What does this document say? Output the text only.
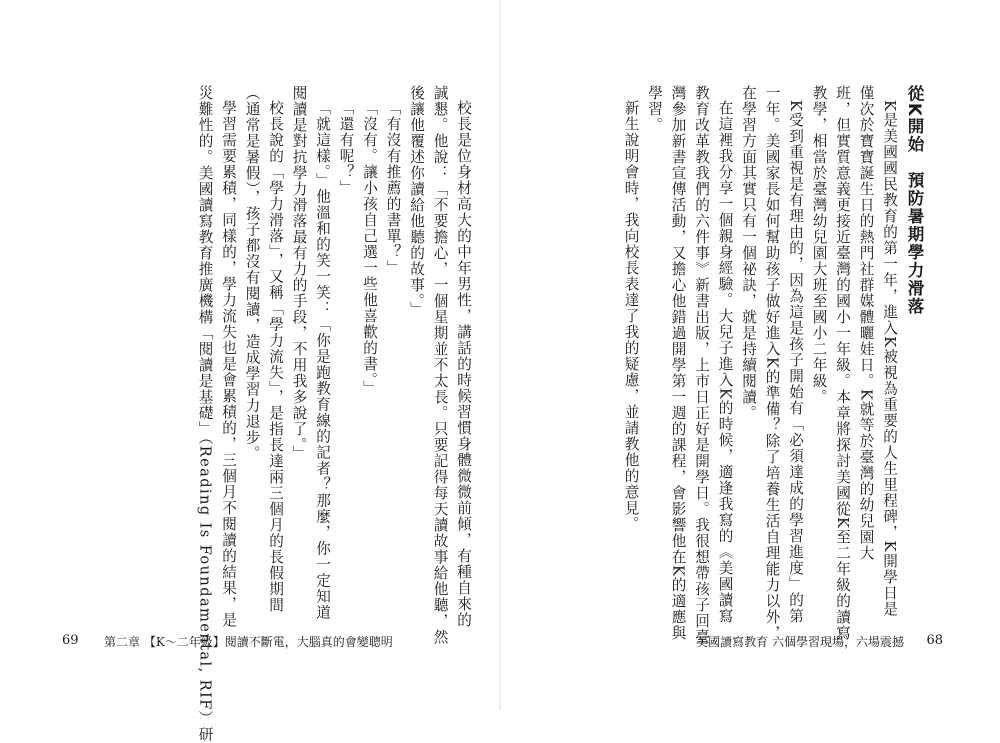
從K開始　預防暑期學力滑落
K是美國國民教育的第一年，進入K被視為重要的人生里程碑，K開學日是
僅次於寶寶誕生日的熱門社群媒體曬娃日。K就等於臺灣的幼兒園大
班，但實質意義更接近臺灣的國小一年級。本章將探討美國從K至二年級的讀寫
教學，相當於臺灣幼兒園大班至國小二年級。
K受到重視是有理由的，因為這是孩子開始有「必須達成的學習進度」的第
一年。美國家長如何幫助孩子做好進入K的準備？除了培養生活自理能力以外，
在學習方面其實只有一個祕訣，就是持續閱讀。
在這裡我分享一個親身經驗。大兒子進入K的時候，適逢我寫的《美國讀寫
教育改革教我們的六件事》新書出版，上市日正好是開學日。我很想帶孩子回臺
灣參加新書宣傳活動，又擔心他錯過開學第一週的課程，會影響他在K的適應與
學習。
新生說明會時，我向校長表達了我的疑慮，並請教他的意見。
美國讀寫教育 六個學習現場，六場震撼 68
校長是位身材高大的中年男性，講話的時候習慣身體微微前傾，有種自來的
誠懇。他說：「不要擔心，一個星期並不太長。只要記得每天讀故事給他聽，然
後讓他覆述你讀給他聽的故事。」
「有沒有推薦的書單？」
「沒有。讓小孩自己選一些他喜歡的書。」
「還有呢？」
「就這樣。」他溫和的笑一笑：「你是跑教育線的記者？那麼，你一定知道
閱讀是對抗學力滑落最有力的手段，不用我多說了。」
校長說的「學力滑落」，又稱「學力流失」，是指長達兩三個月的長假期間
（通常是暑假），孩子都沒有閱讀，造成學習力退步。
學習需要累積，同樣的，學力流失也是會累積的，三個月不閱讀的結果，是
災難性的。美國讀寫教育推廣機構「閱讀是基礎」（Reading Is Foundamental, RIF）研
69 第二章 【K～二年級】閱讀不斷電，大腦真的會變聰明
